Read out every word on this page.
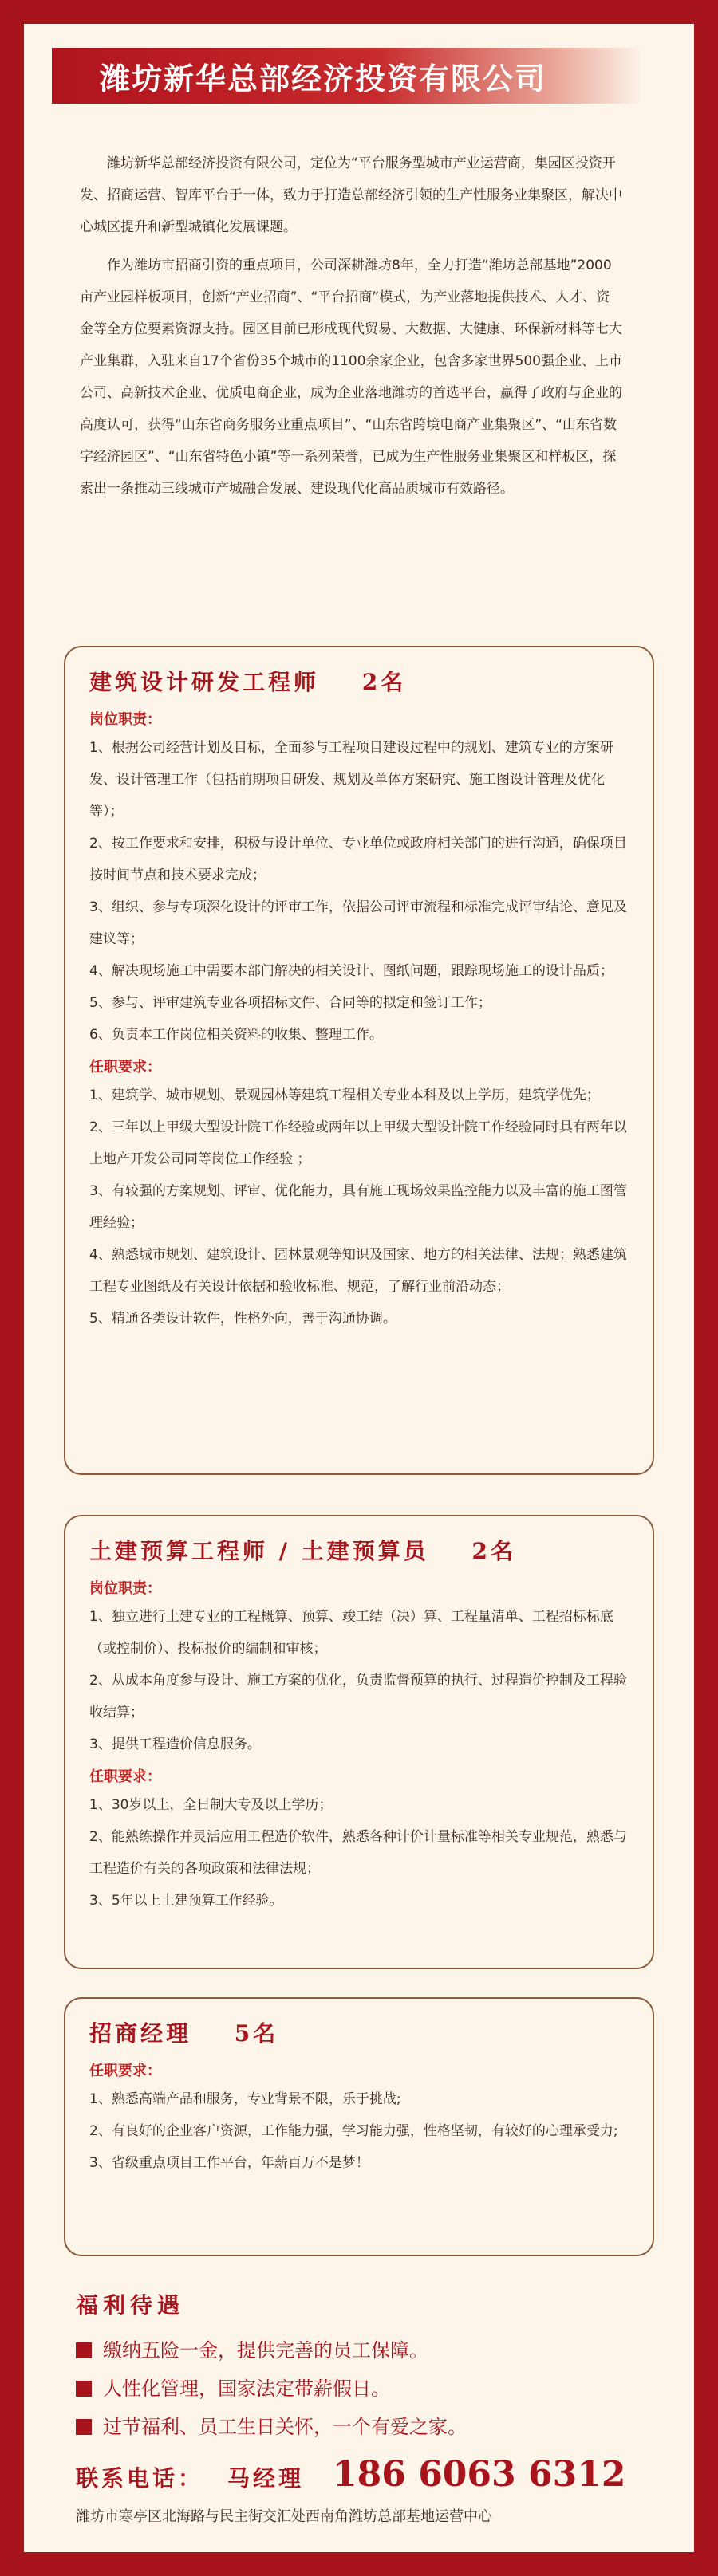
潍坊新华总部经济投资有限公司

潍坊新华总部经济投资有限公司，定位为“平台服务型城市产业运营商，集园区投资开发、招商运营、智库平台于一体，致力于打造总部经济引领的生产性服务业集聚区，解决中心城区提升和新型城镇化发展课题。

作为潍坊市招商引资的重点项目，公司深耕潍坊8年，全力打造“潍坊总部基地”2000亩产业园样板项目，创新“产业招商”、“平台招商”模式，为产业落地提供技术、人才、资金等全方位要素资源支持。园区目前已形成现代贸易、大数据、大健康、环保新材料等七大产业集群，入驻来自17个省份35个城市的1100余家企业，包含多家世界500强企业、上市公司、高新技术企业、优质电商企业，成为企业落地潍坊的首选平台，赢得了政府与企业的高度认可，获得“山东省商务服务业重点项目”、“山东省跨境电商产业集聚区”、“山东省数字经济园区”、“山东省特色小镇”等一系列荣誉，已成为生产性服务业集聚区和样板区，探索出一条推动三线城市产城融合发展、建设现代化高品质城市有效路径。

建筑设计研发工程师 2名
岗位职责：
1、根据公司经营计划及目标，全面参与工程项目建设过程中的规划、建筑专业的方案研发、设计管理工作（包括前期项目研发、规划及单体方案研究、施工图设计管理及优化等）；
2、按工作要求和安排，积极与设计单位、专业单位或政府相关部门的进行沟通，确保项目按时间节点和技术要求完成；
3、组织、参与专项深化设计的评审工作，依据公司评审流程和标准完成评审结论、意见及建议等；
4、解决现场施工中需要本部门解决的相关设计、图纸问题，跟踪现场施工的设计品质；
5、参与、评审建筑专业各项招标文件、合同等的拟定和签订工作；
6、负责本工作岗位相关资料的收集、整理工作。
任职要求：
1、建筑学、城市规划、景观园林等建筑工程相关专业本科及以上学历，建筑学优先；
2、三年以上甲级大型设计院工作经验或两年以上甲级大型设计院工作经验同时具有两年以上地产开发公司同等岗位工作经验 ；
3、有较强的方案规划、评审、优化能力，具有施工现场效果监控能力以及丰富的施工图管理经验；
4、熟悉城市规划、建筑设计、园林景观等知识及国家、地方的相关法律、法规；熟悉建筑工程专业图纸及有关设计依据和验收标准、规范，了解行业前沿动态；
5、精通各类设计软件，性格外向，善于沟通协调。
土建预算工程师 / 土建预算员 2名
岗位职责：
1、独立进行土建专业的工程概算、预算、竣工结（决）算、工程量清单、工程招标标底（或控制价）、投标报价的编制和审核；
2、从成本角度参与设计、施工方案的优化，负责监督预算的执行、过程造价控制及工程验收结算；
3、提供工程造价信息服务。
任职要求：
1、30岁以上，全日制大专及以上学历；
2、能熟练操作并灵活应用工程造价软件，熟悉各种计价计量标准等相关专业规范，熟悉与工程造价有关的各项政策和法律法规；
3、5年以上土建预算工作经验。
招商经理 5名
任职要求：
1、熟悉高端产品和服务，专业背景不限，乐于挑战;
2、有良好的企业客户资源，工作能力强，学习能力强，性格坚韧，有较好的心理承受力;
3、省级重点项目工作平台，年薪百万不是梦！
福利待遇
缴纳五险一金，提供完善的员工保障。
人性化管理，国家法定带薪假日。
过节福利、员工生日关怀，一个有爱之家。
联系电话： 马经理 186 6063 6312
潍坊市寒亭区北海路与民主街交汇处西南角潍坊总部基地运营中心
